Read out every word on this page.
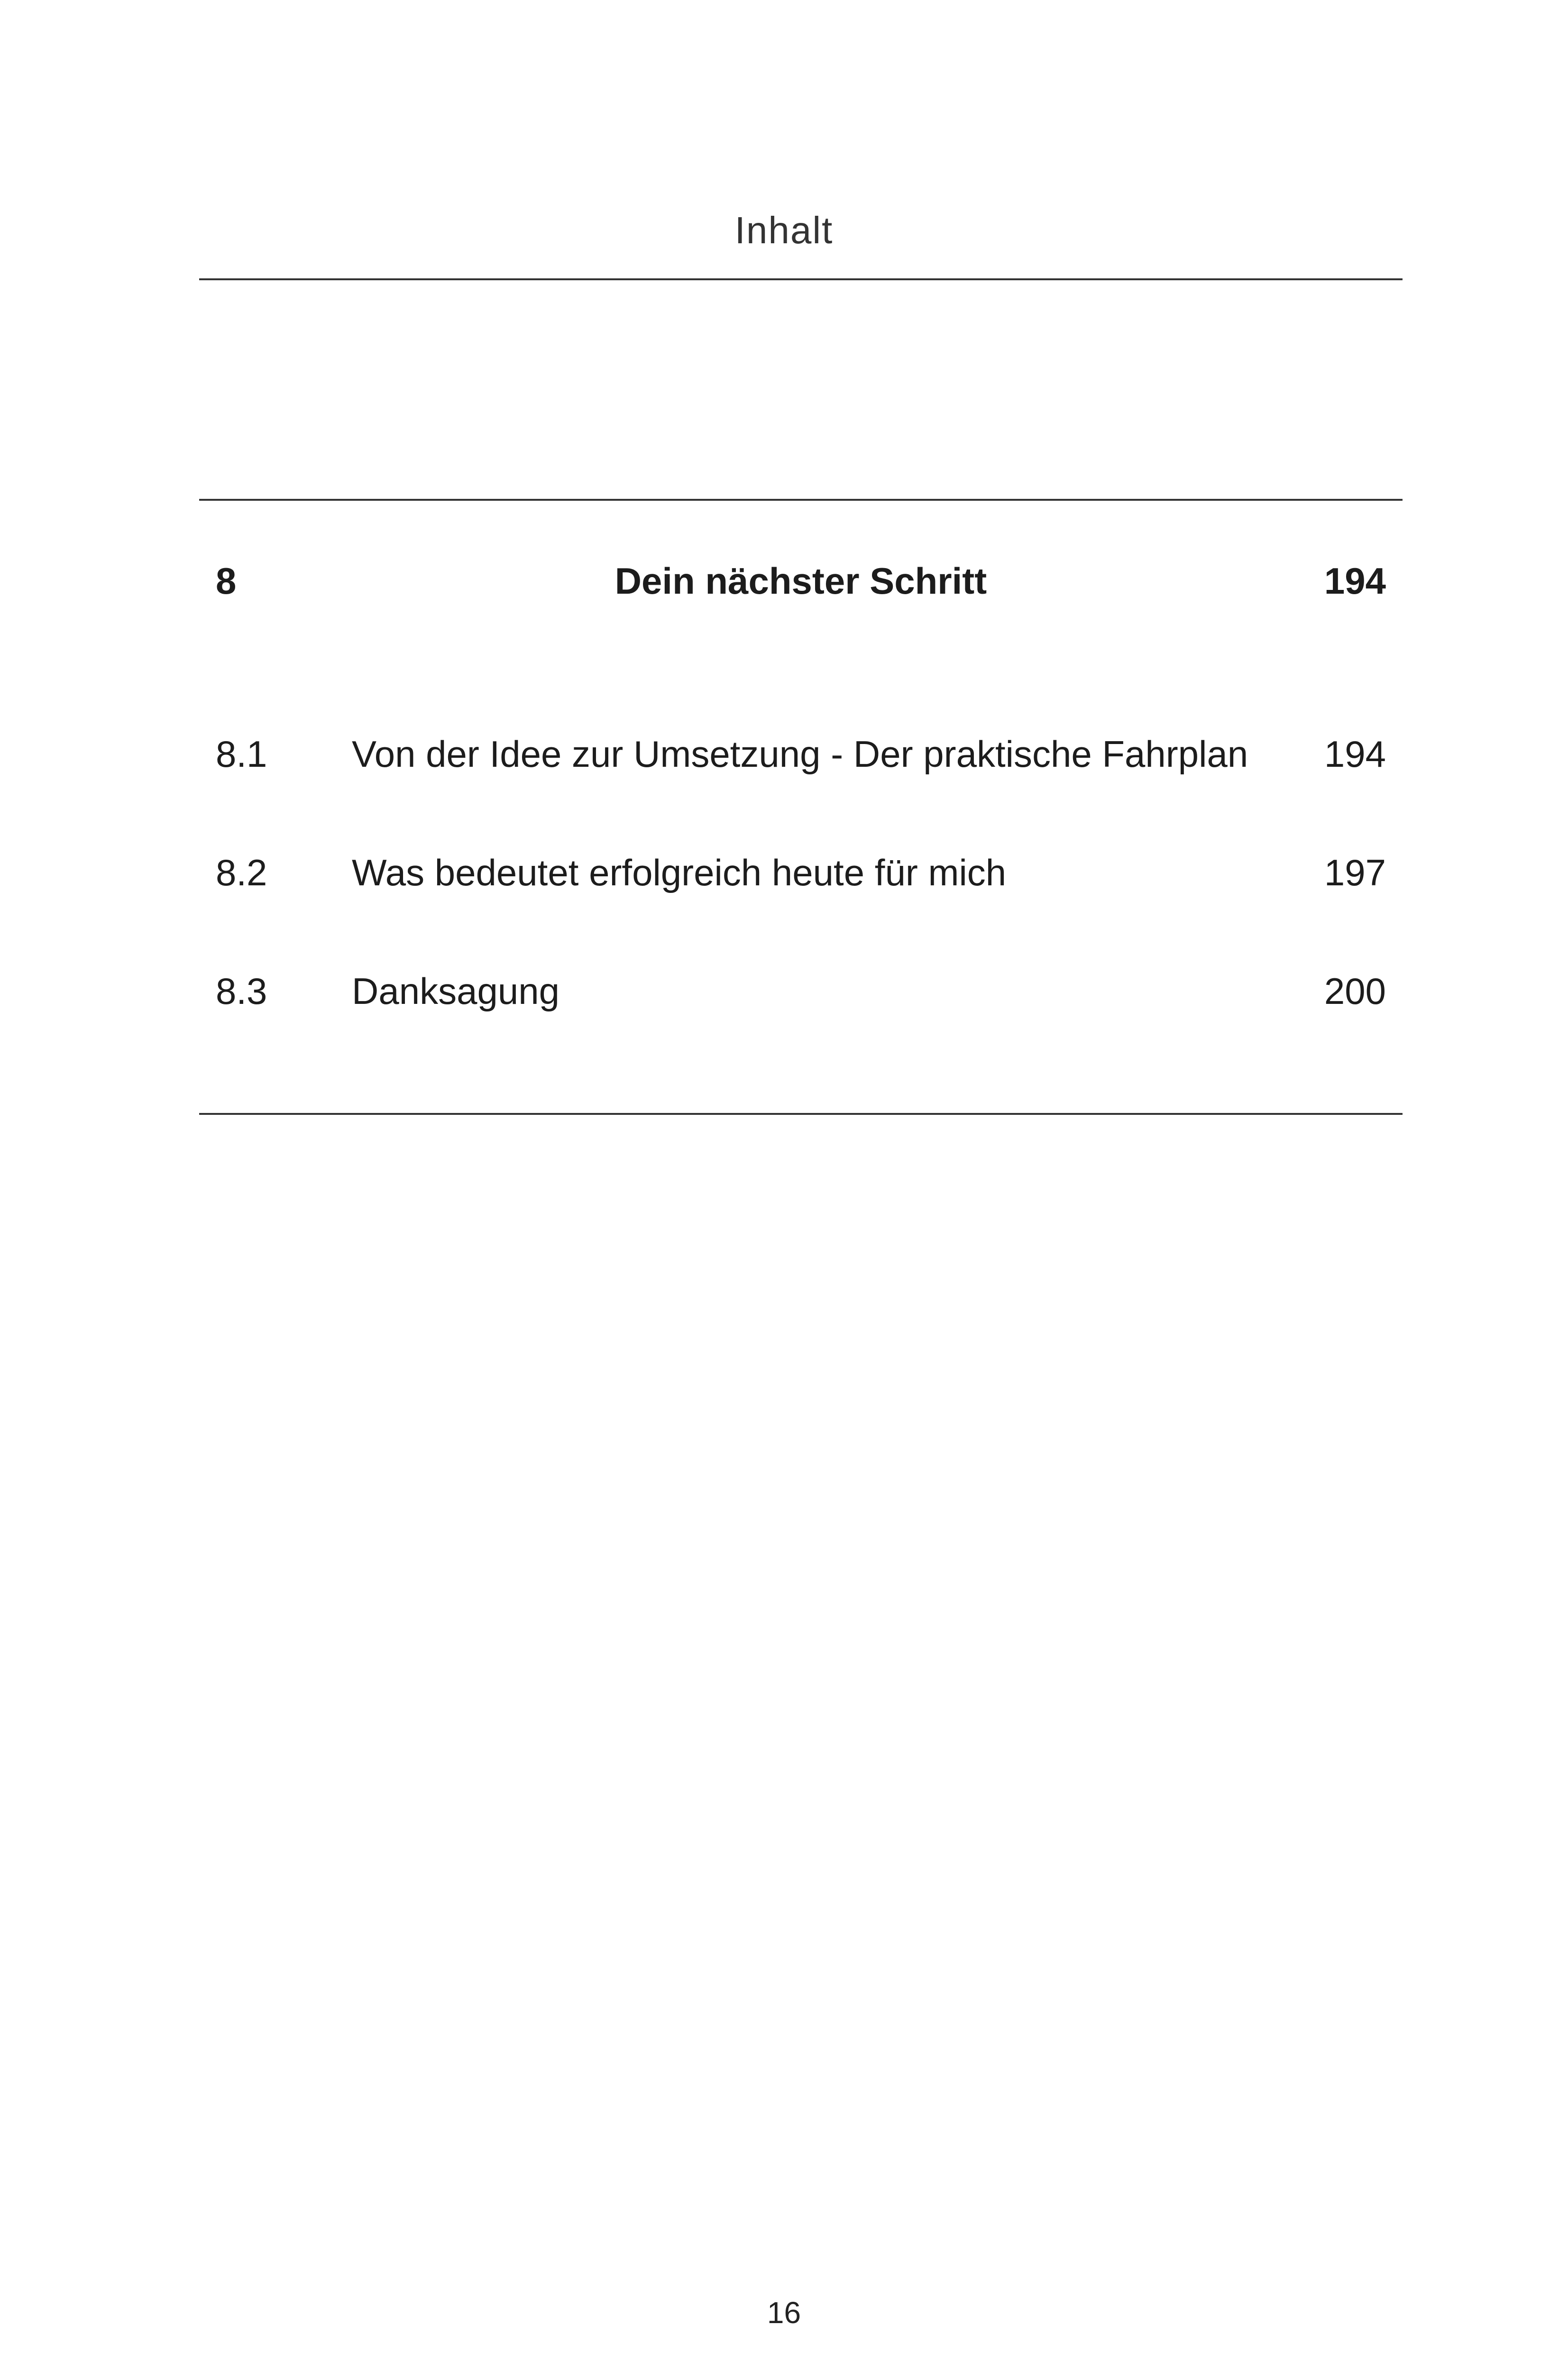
Inhalt
8	Dein nächster Schritt	194
8.1 Von der Idee zur Umsetzung - Der praktische Fahrplan 194
8.2 Was bedeutet erfolgreich heute für mich	197
8.3 Danksagung	200
16
